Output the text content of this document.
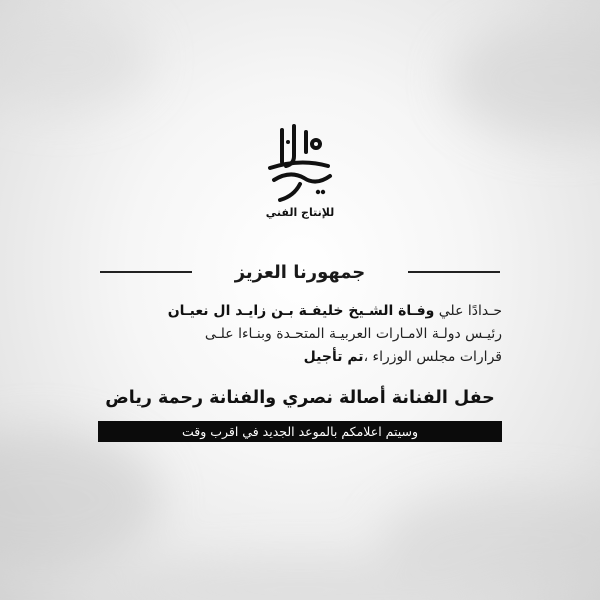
للإنتاج الفني
جمهورنا العزيز
حـدادًا علي وفـاة الشـيخ خليفـة بـن زايـد ال نعيـان
رئيـس دولـة الامـارات العربيـة المتحـدة وبنـاءا علـى
قرارات مجلس الوزراء ،تم تأجيل
حفل الفنانة أصالة نصري والفنانة رحمة رياض
وسيتم اعلامكم بالموعد الجديد في اقرب وقت
